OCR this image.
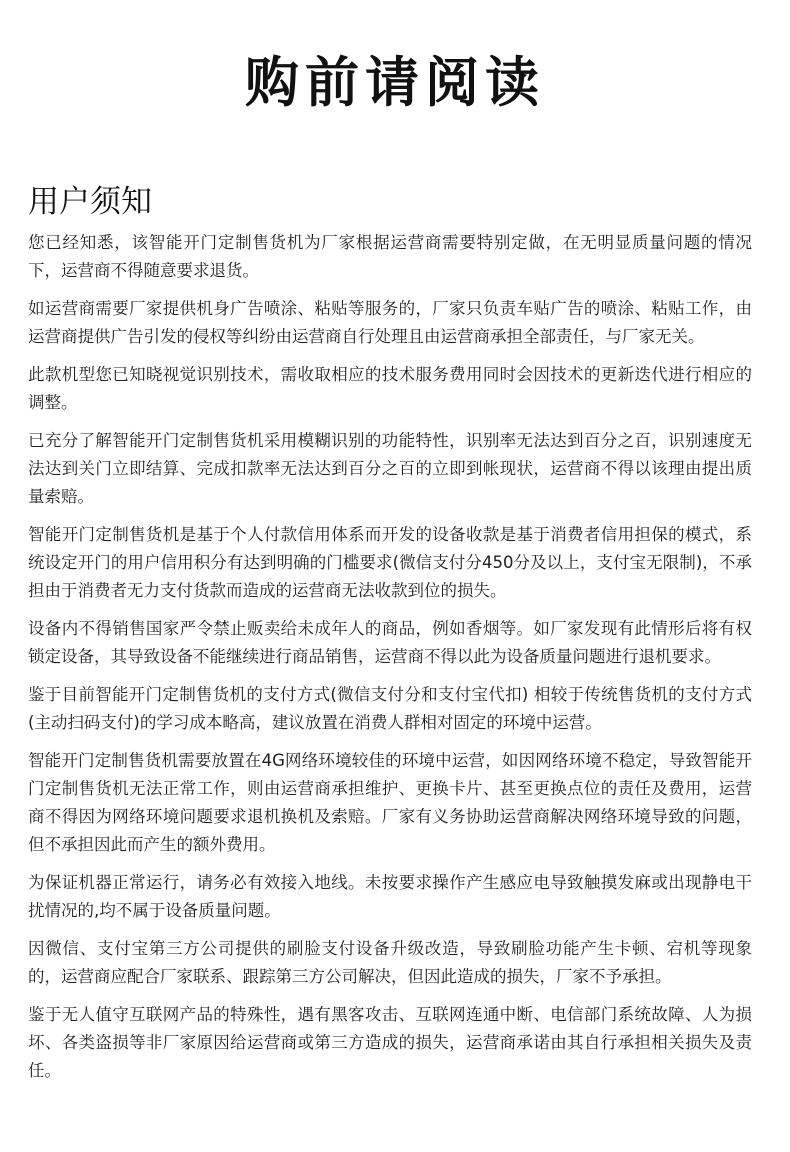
购前请阅读
用户须知

您已经知悉，该智能开门定制售货机为厂家根据运营商需要特别定做，在无明显质量问题的情况下，运营商不得随意要求退货。

如运营商需要厂家提供机身广告喷涂、粘贴等服务的，厂家只负责车贴广告的喷涂、粘贴工作，由运营商提供广告引发的侵权等纠纷由运营商自行处理且由运营商承担全部责任，与厂家无关。

此款机型您已知晓视觉识别技术，需收取相应的技术服务费用同时会因技术的更新迭代进行相应的调整。

已充分了解智能开门定制售货机采用模糊识别的功能特性，识别率无法达到百分之百，识别速度无法达到关门立即结算、完成扣款率无法达到百分之百的立即到帐现状，运营商不得以该理由提出质量索赔。

智能开门定制售货机是基于个人付款信用体系而开发的设备收款是基于消费者信用担保的模式，系统设定开门的用户信用积分有达到明确的门槛要求(微信支付分450分及以上，支付宝无限制)，不承担由于消费者无力支付货款而造成的运营商无法收款到位的损失。

设备内不得销售国家严令禁止贩卖给未成年人的商品，例如香烟等。如厂家发现有此情形后将有权锁定设备，其导致设备不能继续进行商品销售，运营商不得以此为设备质量问题进行退机要求。

鉴于目前智能开门定制售货机的支付方式(微信支付分和支付宝代扣) 相较于传统售货机的支付方式(主动扫码支付)的学习成本略高，建议放置在消费人群相对固定的环境中运营。

智能开门定制售货机需要放置在4G网络环境较佳的环境中运营，如因网络环境不稳定，导致智能开门定制售货机无法正常工作，则由运营商承担维护、更换卡片、甚至更换点位的责任及费用，运营商不得因为网络环境问题要求退机换机及索赔。厂家有义务协助运营商解决网络环境导致的问题，但不承担因此而产生的额外费用。

为保证机器正常运行，请务必有效接入地线。未按要求操作产生感应电导致触摸发麻或出现静电干扰情况的,均不属于设备质量问题。

因微信、支付宝第三方公司提供的刷脸支付设备升级改造，导致刷脸功能产生卡顿、宕机等现象的，运营商应配合厂家联系、跟踪第三方公司解决，但因此造成的损失，厂家不予承担。

鉴于无人值守互联网产品的特殊性，遇有黑客攻击、互联网连通中断、电信部门系统故障、人为损坏、各类盗损等非厂家原因给运营商或第三方造成的损失，运营商承诺由其自行承担相关损失及责任。
